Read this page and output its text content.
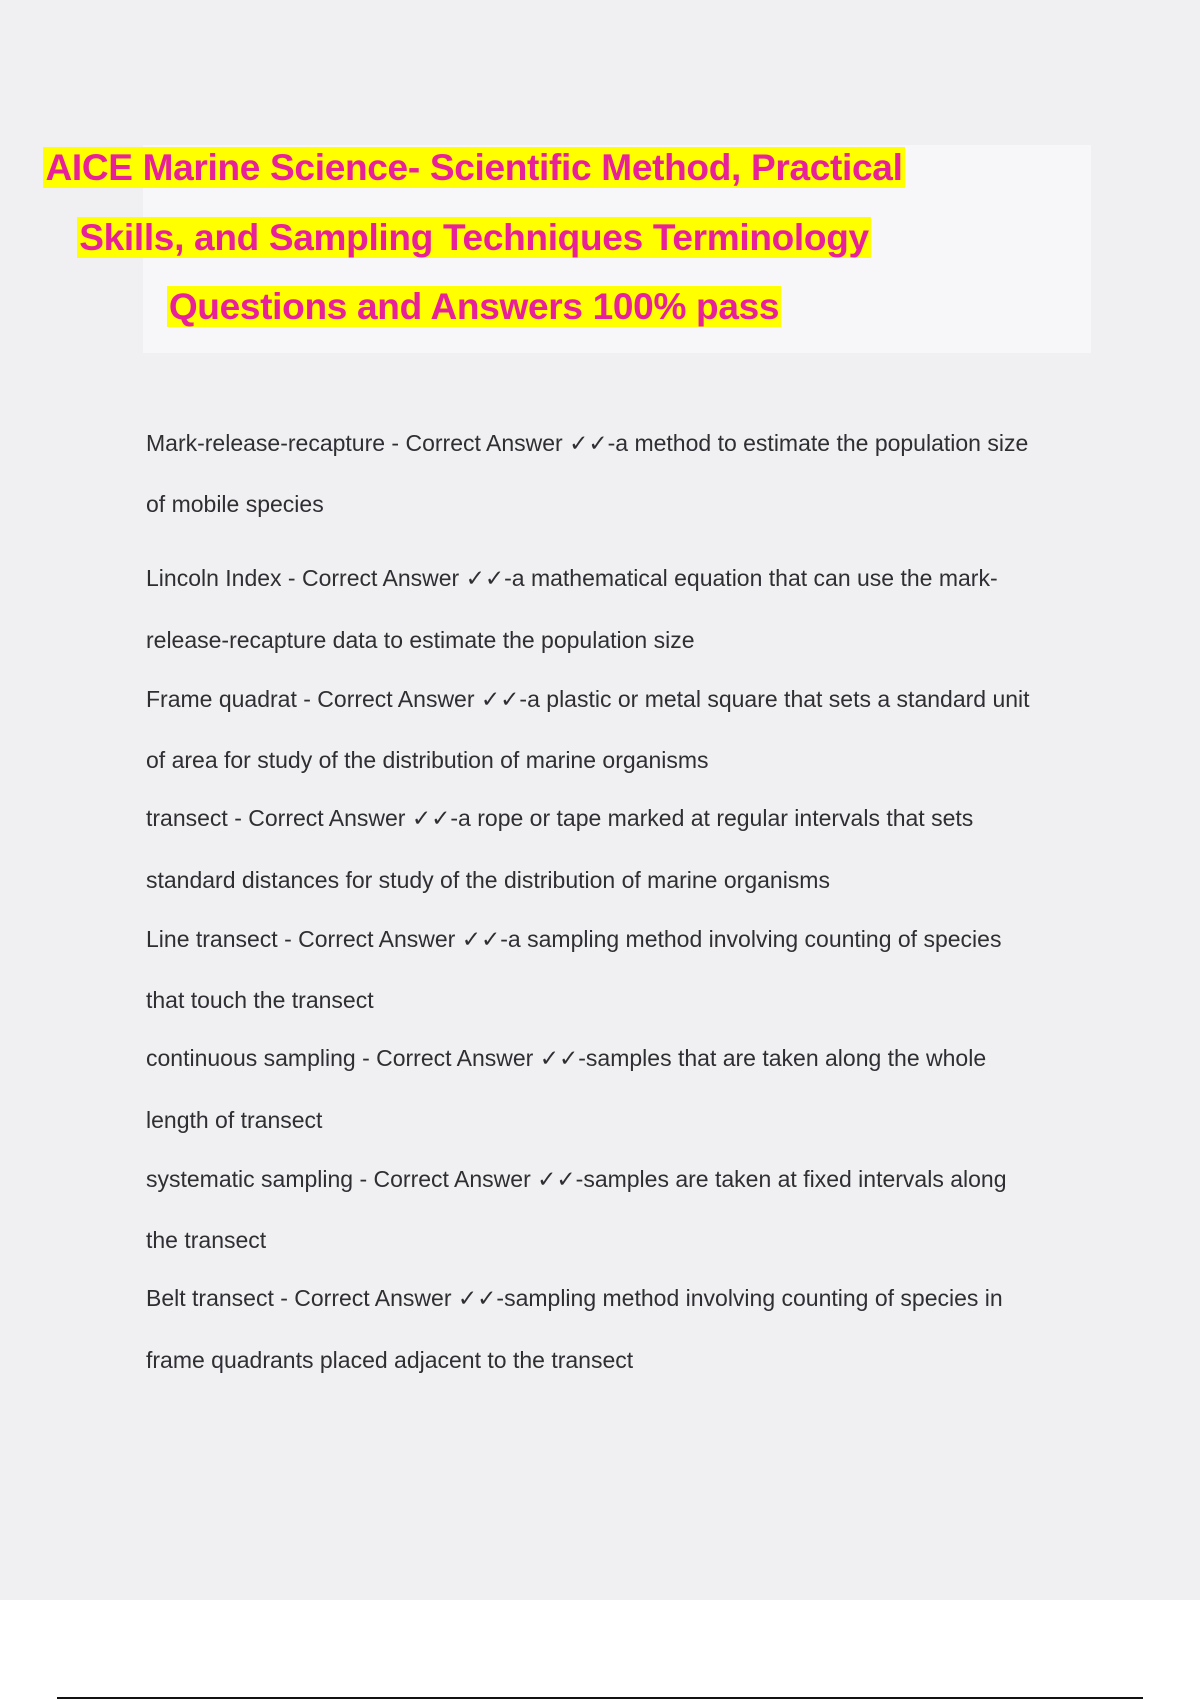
AICE Marine Science- Scientific Method, Practical
Skills, and Sampling Techniques Terminology
Questions and Answers 100% pass
Mark-release-recapture - Correct Answer ✓✓-a method to estimate the population size
of mobile species
Lincoln Index - Correct Answer ✓✓-a mathematical equation that can use the mark-
release-recapture data to estimate the population size
Frame quadrat - Correct Answer ✓✓-a plastic or metal square that sets a standard unit
of area for study of the distribution of marine organisms
transect - Correct Answer ✓✓-a rope or tape marked at regular intervals that sets
standard distances for study of the distribution of marine organisms
Line transect - Correct Answer ✓✓-a sampling method involving counting of species
that touch the transect
continuous sampling - Correct Answer ✓✓-samples that are taken along the whole
length of transect
systematic sampling - Correct Answer ✓✓-samples are taken at fixed intervals along
the transect
Belt transect - Correct Answer ✓✓-sampling method involving counting of species in
frame quadrants placed adjacent to the transect
